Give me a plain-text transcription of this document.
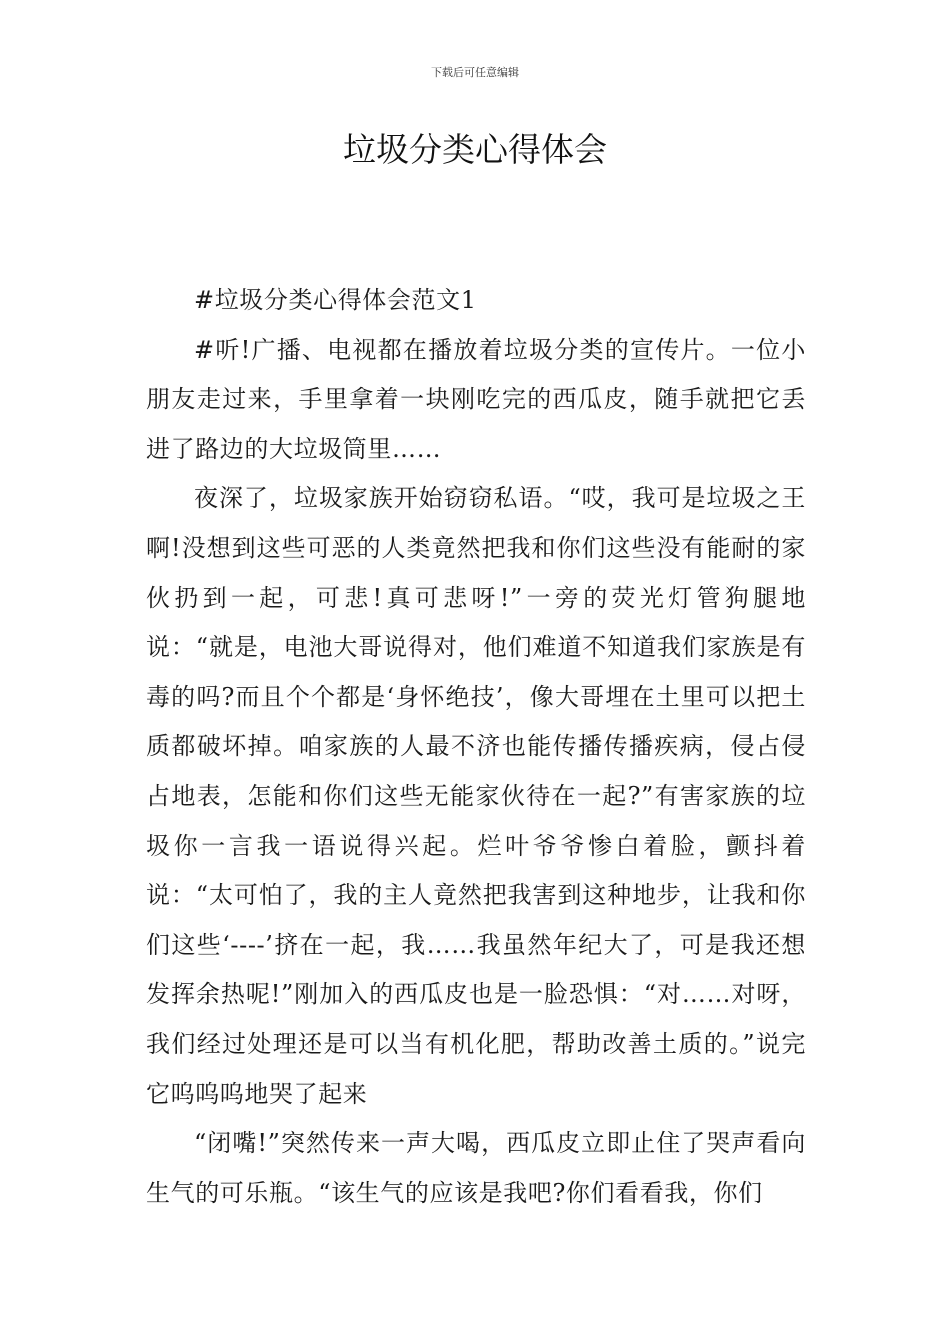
下载后可任意编辑
垃圾分类心得体会

#垃圾分类心得体会范文1

#听!广播、电视都在播放着垃圾分类的宣传片。一位小朋友走过来，手里拿着一块刚吃完的西瓜皮，随手就把它丢进了路边的大垃圾筒里……

夜深了，垃圾家族开始窃窃私语。“哎，我可是垃圾之王啊!没想到这些可恶的人类竟然把我和你们这些没有能耐的家伙扔到一起，可悲!真可悲呀!”一旁的荧光灯管狗腿地说：“就是，电池大哥说得对，他们难道不知道我们家族是有毒的吗?而且个个都是‘身怀绝技’，像大哥埋在土里可以把土质都破坏掉。咱家族的人最不济也能传播传播疾病，侵占侵占地表，怎能和你们这些无能家伙待在一起?”有害家族的垃圾你一言我一语说得兴起。烂叶爷爷惨白着脸，颤抖着说：“太可怕了，我的主人竟然把我害到这种地步，让我和你们这些‘----’挤在一起，我……我虽然年纪大了，可是我还想发挥余热呢!”刚加入的西瓜皮也是一脸恐惧：“对……对呀，我们经过处理还是可以当有机化肥，帮助改善土质的。”说完它呜呜呜地哭了起来

“闭嘴!”突然传来一声大喝，西瓜皮立即止住了哭声看向生气的可乐瓶。“该生气的应该是我吧?你们看看我，你们
